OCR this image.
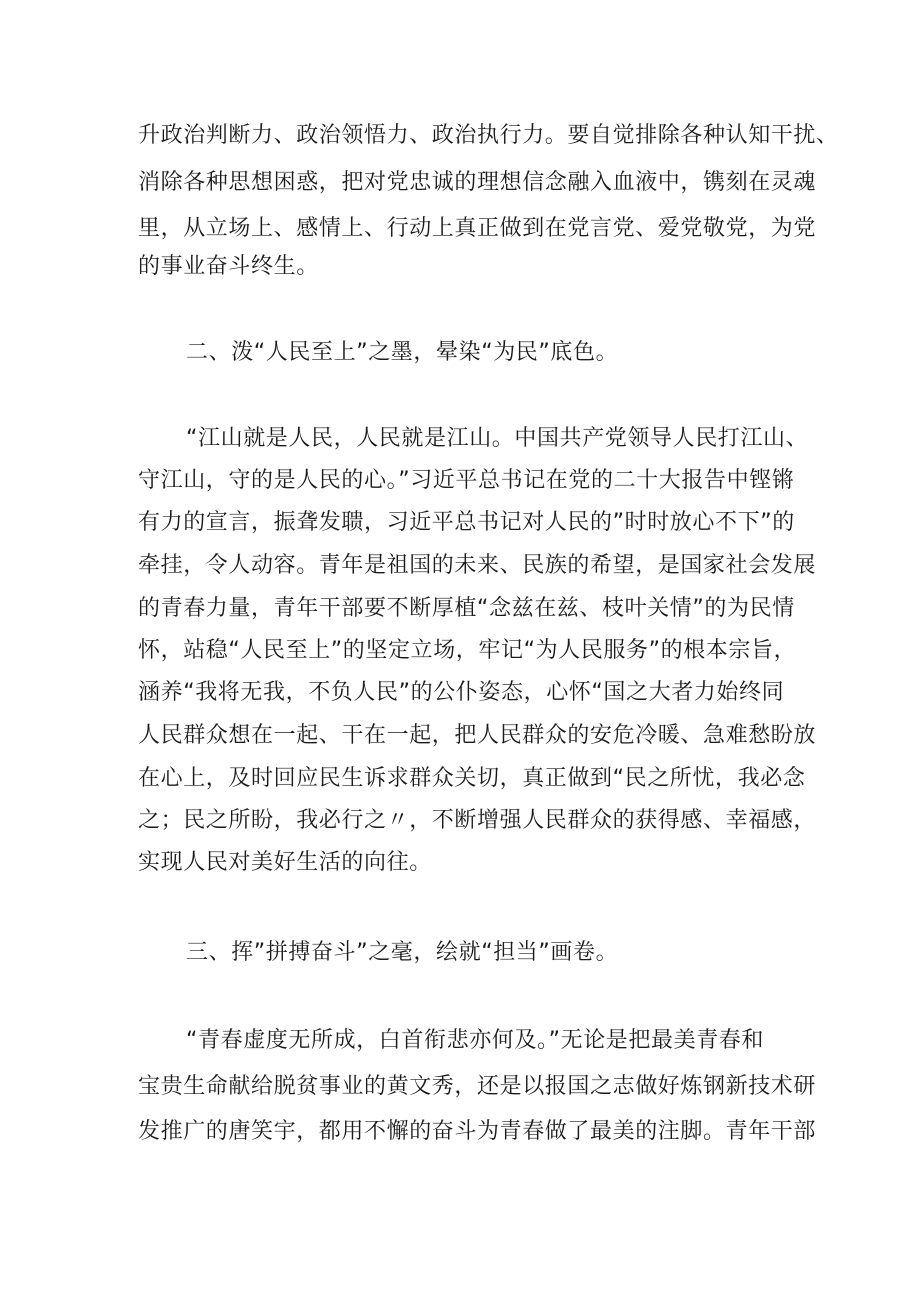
升政治判断力、政治领悟力、政治执行力。要自觉排除各种认知干扰、
消除各种思想困惑，把对党忠诚的理想信念融入血液中，镌刻在灵魂
里，从立场上、感情上、行动上真正做到在党言党、爱党敬党，为党
的事业奋斗终生。
二、泼“人民至上”之墨，晕染“为民”底色。
“江山就是人民，人民就是江山。中国共产党领导人民打江山、
守江山，守的是人民的心。”习近平总书记在党的二十大报告中铿锵
有力的宣言，振聋发聩，习近平总书记对人民的”时时放心不下”的
牵挂，令人动容。青年是祖国的未来、民族的希望，是国家社会发展
的青春力量，青年干部要不断厚植“念兹在兹、枝叶关情”的为民情
怀，站稳“人民至上”的坚定立场，牢记“为人民服务”的根本宗旨，
涵养“我将无我，不负人民”的公仆姿态，心怀“国之大者力始终同
人民群众想在一起、干在一起，把人民群众的安危冷暖、急难愁盼放
在心上，及时回应民生诉求群众关切，真正做到“民之所忧，我必念
之；民之所盼，我必行之〃，不断增强人民群众的获得感、幸福感，
实现人民对美好生活的向往。
三、挥”拼搏奋斗”之毫，绘就“担当”画卷。
“青春虚度无所成，白首衔悲亦何及。”无论是把最美青春和
宝贵生命献给脱贫事业的黄文秀，还是以报国之志做好炼钢新技术研
发推广的唐笑宇，都用不懈的奋斗为青春做了最美的注脚。青年干部
